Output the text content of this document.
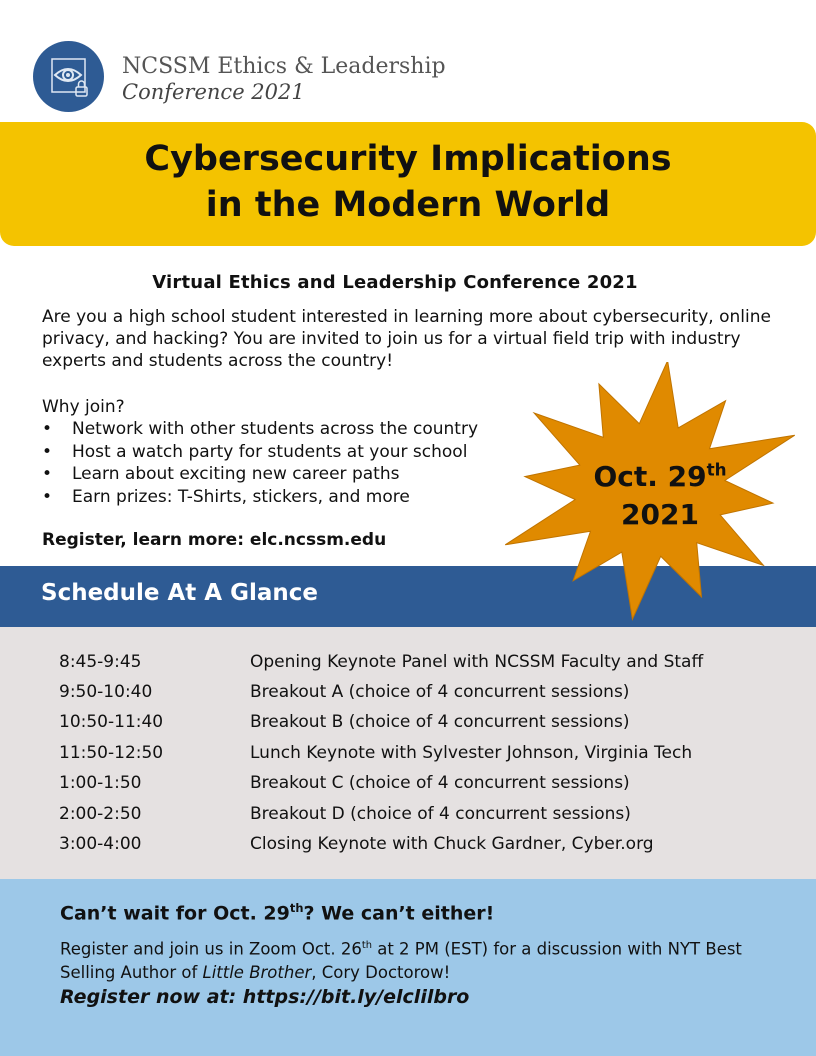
NCSSM Ethics & Leadership
Conference 2021
Cybersecurity Implications
in the Modern World
Virtual Ethics and Leadership Conference 2021
Are you a high school student interested in learning more about cybersecurity, online privacy, and hacking? You are invited to join us for a virtual field trip with industry experts and students across the country!
Why join?
• Network with other students across the country
• Host a watch party for students at your school
• Learn about exciting new career paths
• Earn prizes: T-Shirts, stickers, and more
Register, learn more: elc.ncssm.edu
Schedule At A Glance
8:45-9:45	Opening Keynote Panel with NCSSM Faculty and Staff
9:50-10:40	Breakout A (choice of 4 concurrent sessions)
10:50-11:40	Breakout B (choice of 4 concurrent sessions)
11:50-12:50	Lunch Keynote with Sylvester Johnson, Virginia Tech
1:00-1:50	Breakout C (choice of 4 concurrent sessions)
2:00-2:50	Breakout D (choice of 4 concurrent sessions)
3:00-4:00	Closing Keynote with Chuck Gardner, Cyber.org
Can’t wait for Oct. 29th? We can’t either!
Register and join us in Zoom Oct. 26th at 2 PM (EST) for a discussion with NYT Best Selling Author of Little Brother, Cory Doctorow!
Register now at: https://bit.ly/elclilbro
Oct. 29th
2021
